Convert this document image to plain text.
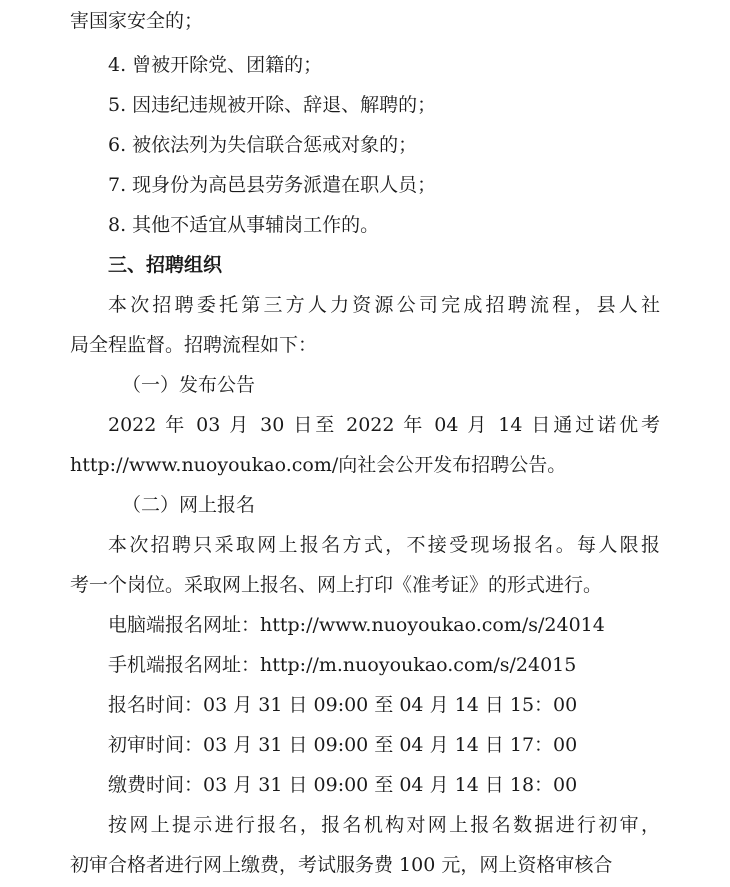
害国家安全的；
4. 曾被开除党、团籍的；
5. 因违纪违规被开除、辞退、解聘的；
6. 被依法列为失信联合惩戒对象的；
7. 现身份为高邑县劳务派遣在职人员；
8. 其他不适宜从事辅岗工作的。
三、招聘组织
本次招聘委托第三方人力资源公司完成招聘流程，县人社
局全程监督。招聘流程如下：
（一）发布公告
2022 年 03 月 30 日至 2022 年 04 月 14 日通过诺优考
http://www.nuoyoukao.com/向社会公开发布招聘公告。
（二）网上报名
本次招聘只采取网上报名方式，不接受现场报名。每人限报
考一个岗位。采取网上报名、网上打印《准考证》的形式进行。
电脑端报名网址：http://www.nuoyoukao.com/s/24014
手机端报名网址：http://m.nuoyoukao.com/s/24015
报名时间：03 月 31 日 09:00 至 04 月 14 日 15：00
初审时间：03 月 31 日 09:00 至 04 月 14 日 17：00
缴费时间：03 月 31 日 09:00 至 04 月 14 日 18：00
按网上提示进行报名，报名机构对网上报名数据进行初审，
初审合格者进行网上缴费，考试服务费 100 元，网上资格审核合
